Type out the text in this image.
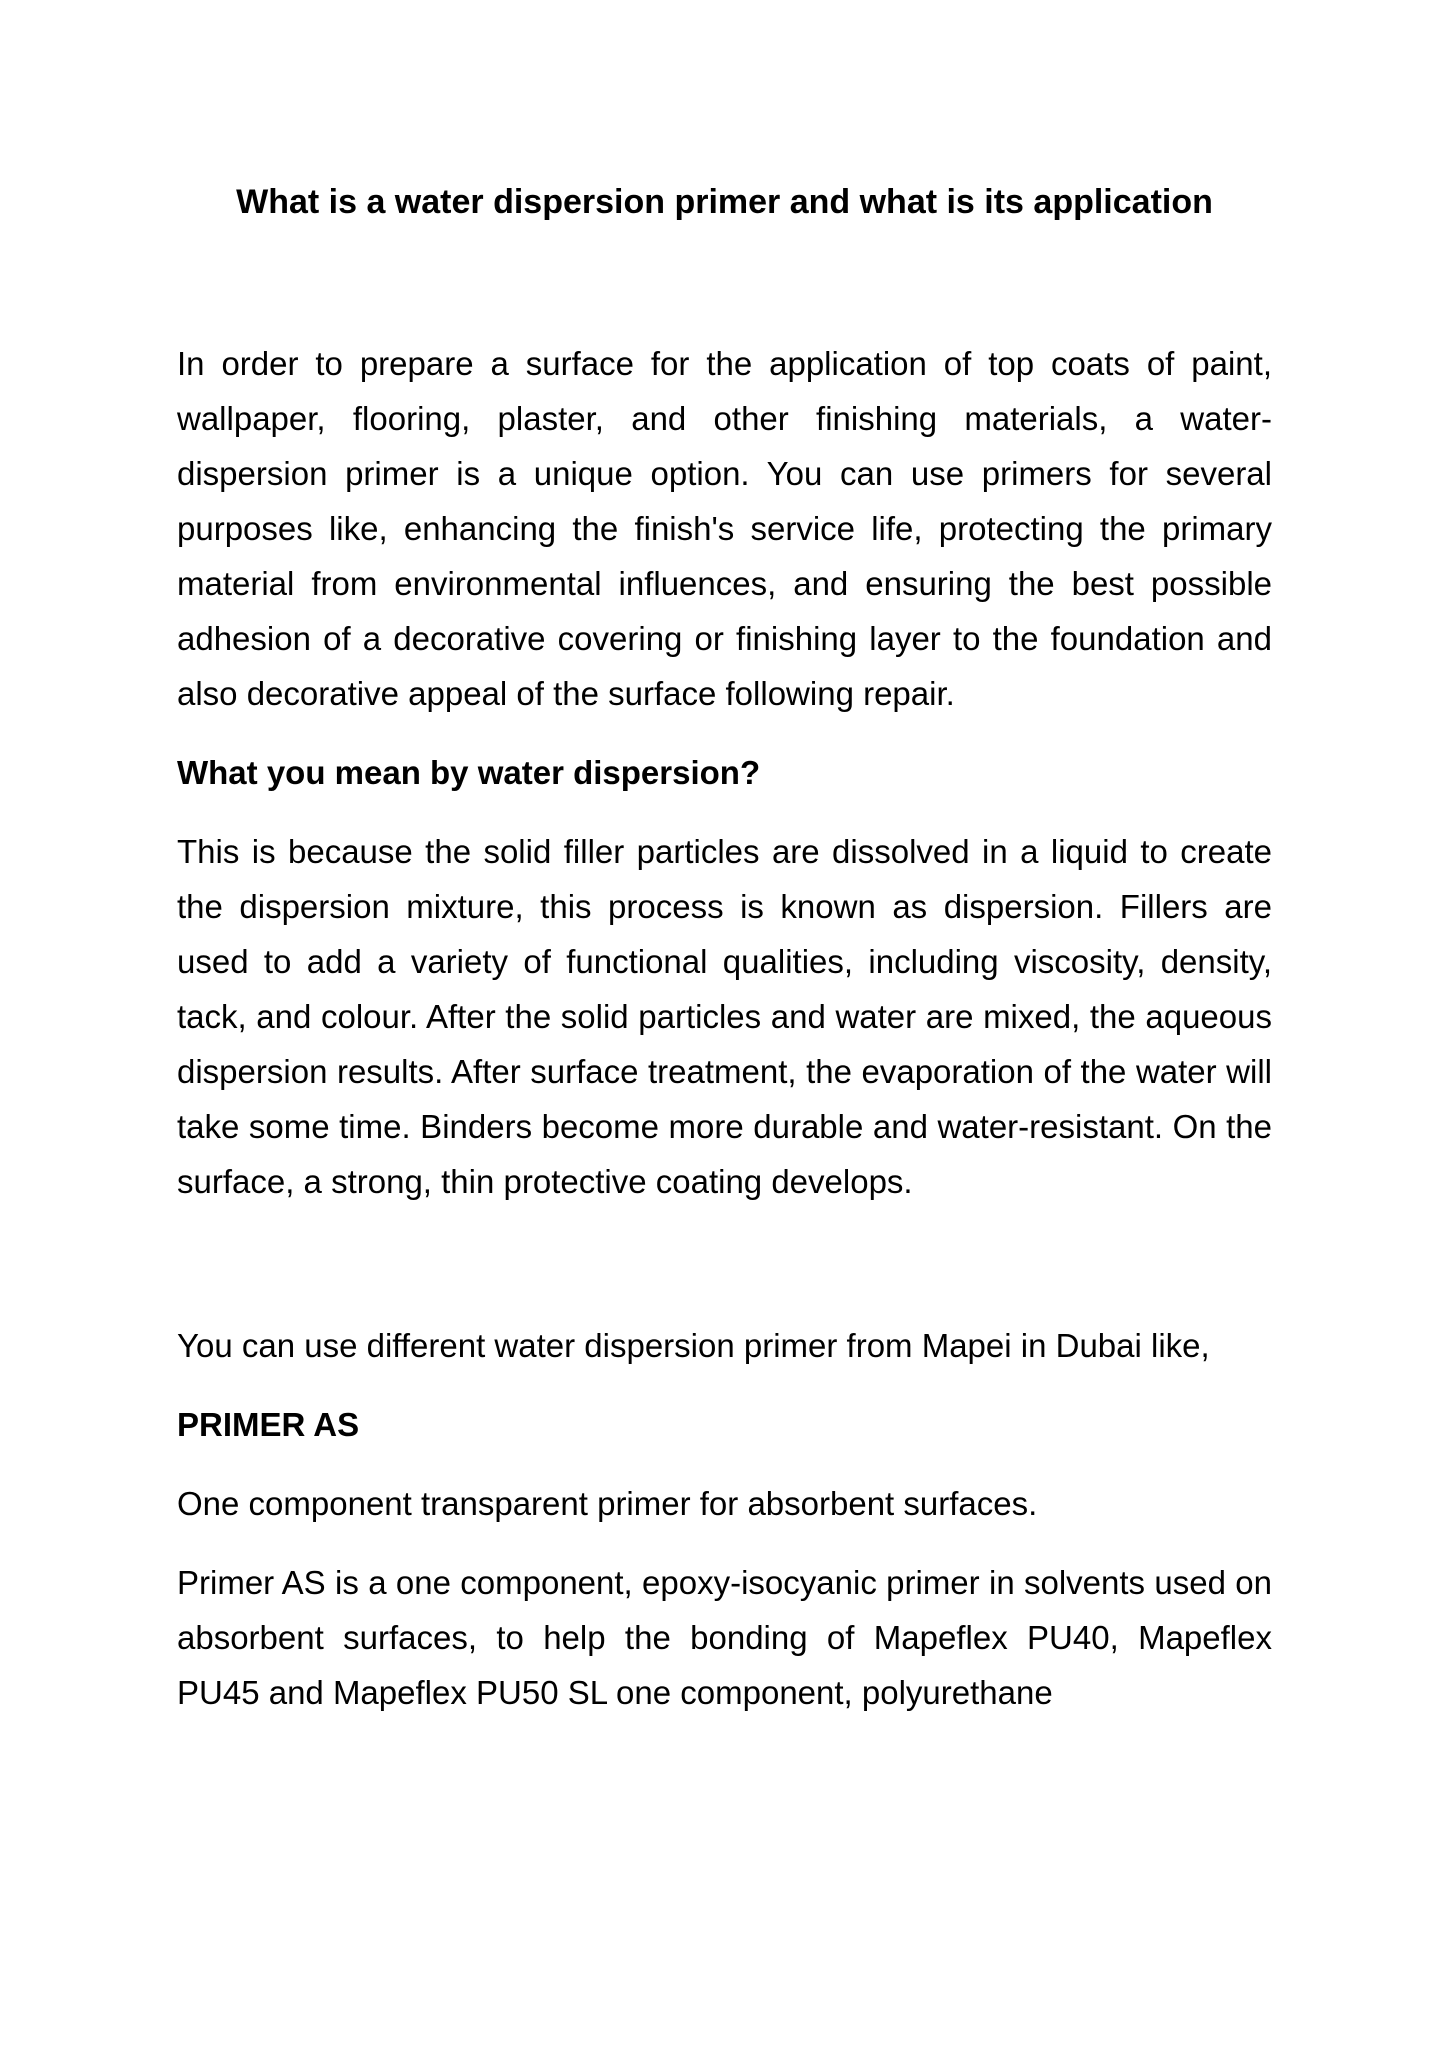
What is a water dispersion primer and what is its application

In order to prepare a surface for the application of top coats of paint, wallpaper, flooring, plaster, and other finishing materials, a water-dispersion primer is a unique option. You can use primers for several purposes like, enhancing the finish's service life, protecting the primary material from environmental influences, and ensuring the best possible adhesion of a decorative covering or finishing layer to the foundation and also decorative appeal of the surface following repair.

What you mean by water dispersion?

This is because the solid filler particles are dissolved in a liquid to create the dispersion mixture, this process is known as dispersion. Fillers are used to add a variety of functional qualities, including viscosity, density, tack, and colour. After the solid particles and water are mixed, the aqueous dispersion results. After surface treatment, the evaporation of the water will take some time. Binders become more durable and water-resistant. On the surface, a strong, thin protective coating develops.

You can use different water dispersion primer from Mapei in Dubai like,

PRIMER AS

One component transparent primer for absorbent surfaces.

Primer AS is a one component, epoxy-isocyanic primer in solvents used on absorbent surfaces, to help the bonding of Mapeflex PU40, Mapeflex PU45 and Mapeflex PU50 SL one component, polyurethane
